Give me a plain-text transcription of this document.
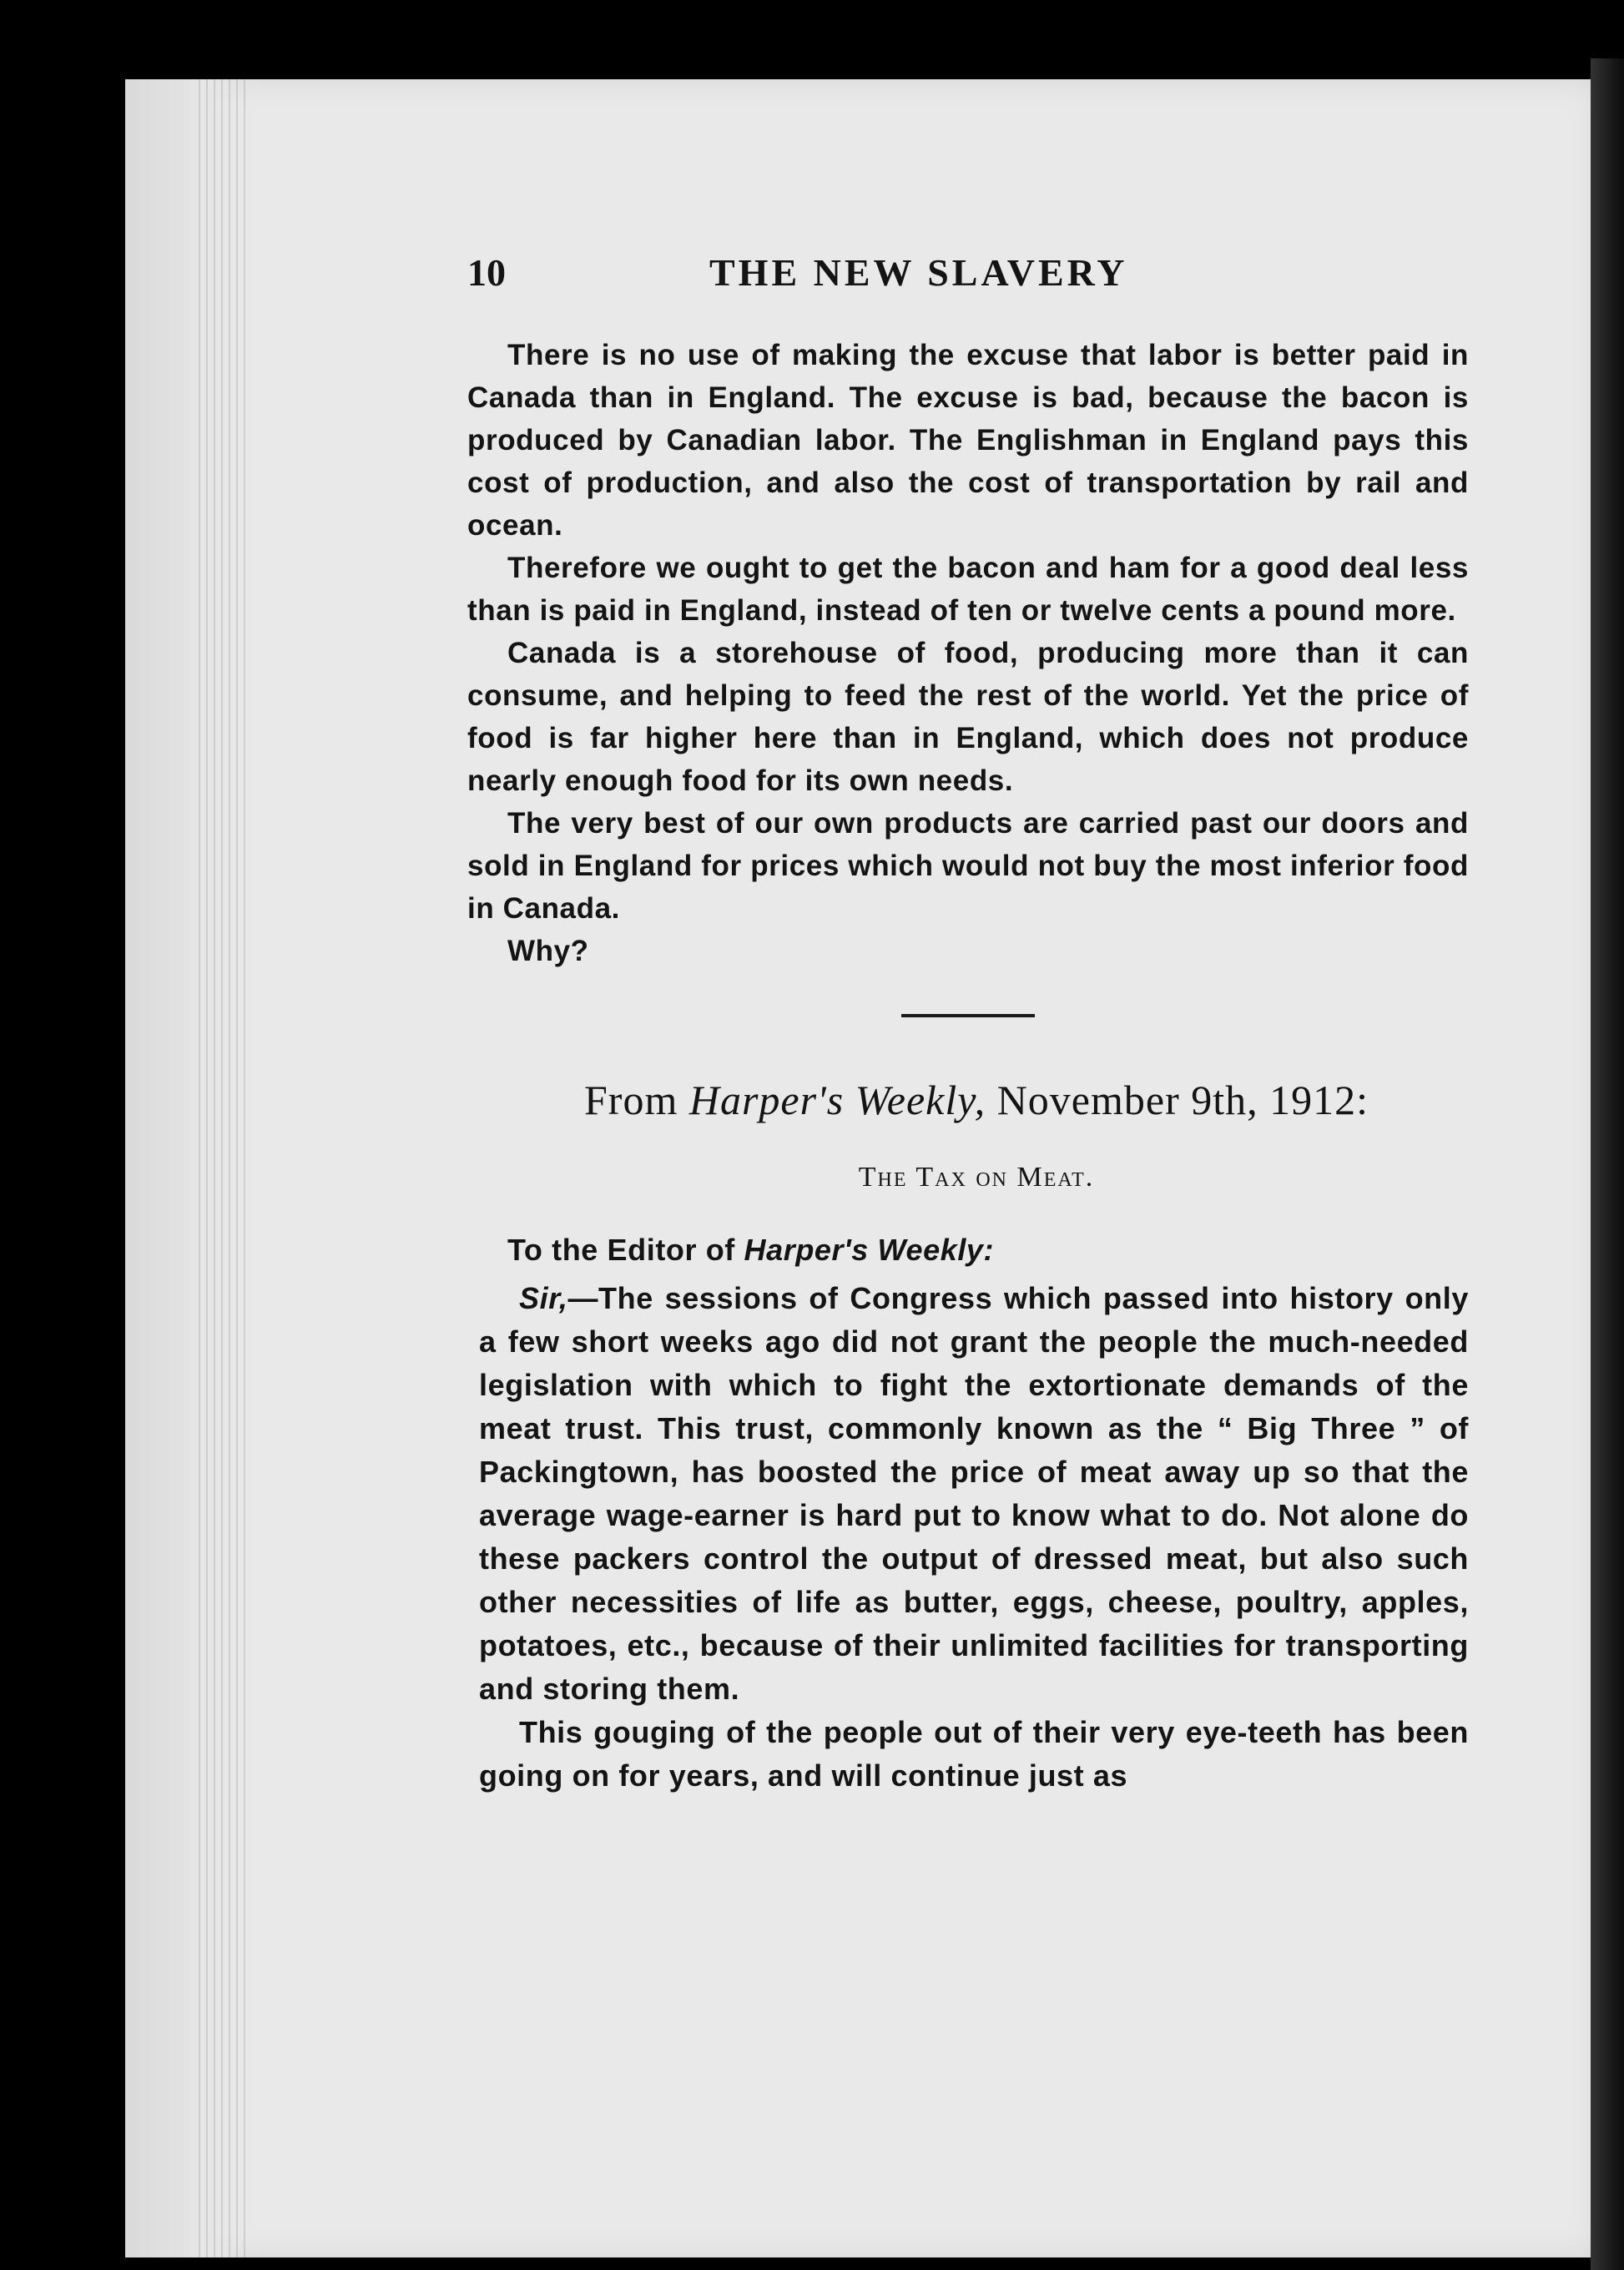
10	THE NEW SLAVERY

There is no use of making the excuse that labor is better paid in Canada than in England. The excuse is bad, because the bacon is produced by Canadian labor. The Englishman in England pays this cost of production, and also the cost of transportation by rail and ocean.

Therefore we ought to get the bacon and ham for a good deal less than is paid in England, instead of ten or twelve cents a pound more.

Canada is a storehouse of food, producing more than it can consume, and helping to feed the rest of the world. Yet the price of food is far higher here than in England, which does not produce nearly enough food for its own needs.

The very best of our own products are carried past our doors and sold in England for prices which would not buy the most inferior food in Canada.

Why?

From Harper's Weekly, November 9th, 1912:
The Tax on Meat.

To the Editor of Harper's Weekly:

Sir,—The sessions of Congress which passed into history only a few short weeks ago did not grant the people the much-needed legislation with which to fight the extortionate demands of the meat trust. This trust, commonly known as the “ Big Three ” of Packingtown, has boosted the price of meat away up so that the average wage-earner is hard put to know what to do. Not alone do these packers control the output of dressed meat, but also such other necessities of life as butter, eggs, cheese, poultry, apples, potatoes, etc., because of their unlimited facilities for transporting and storing them.

This gouging of the people out of their very eye-teeth has been going on for years, and will continue just as
